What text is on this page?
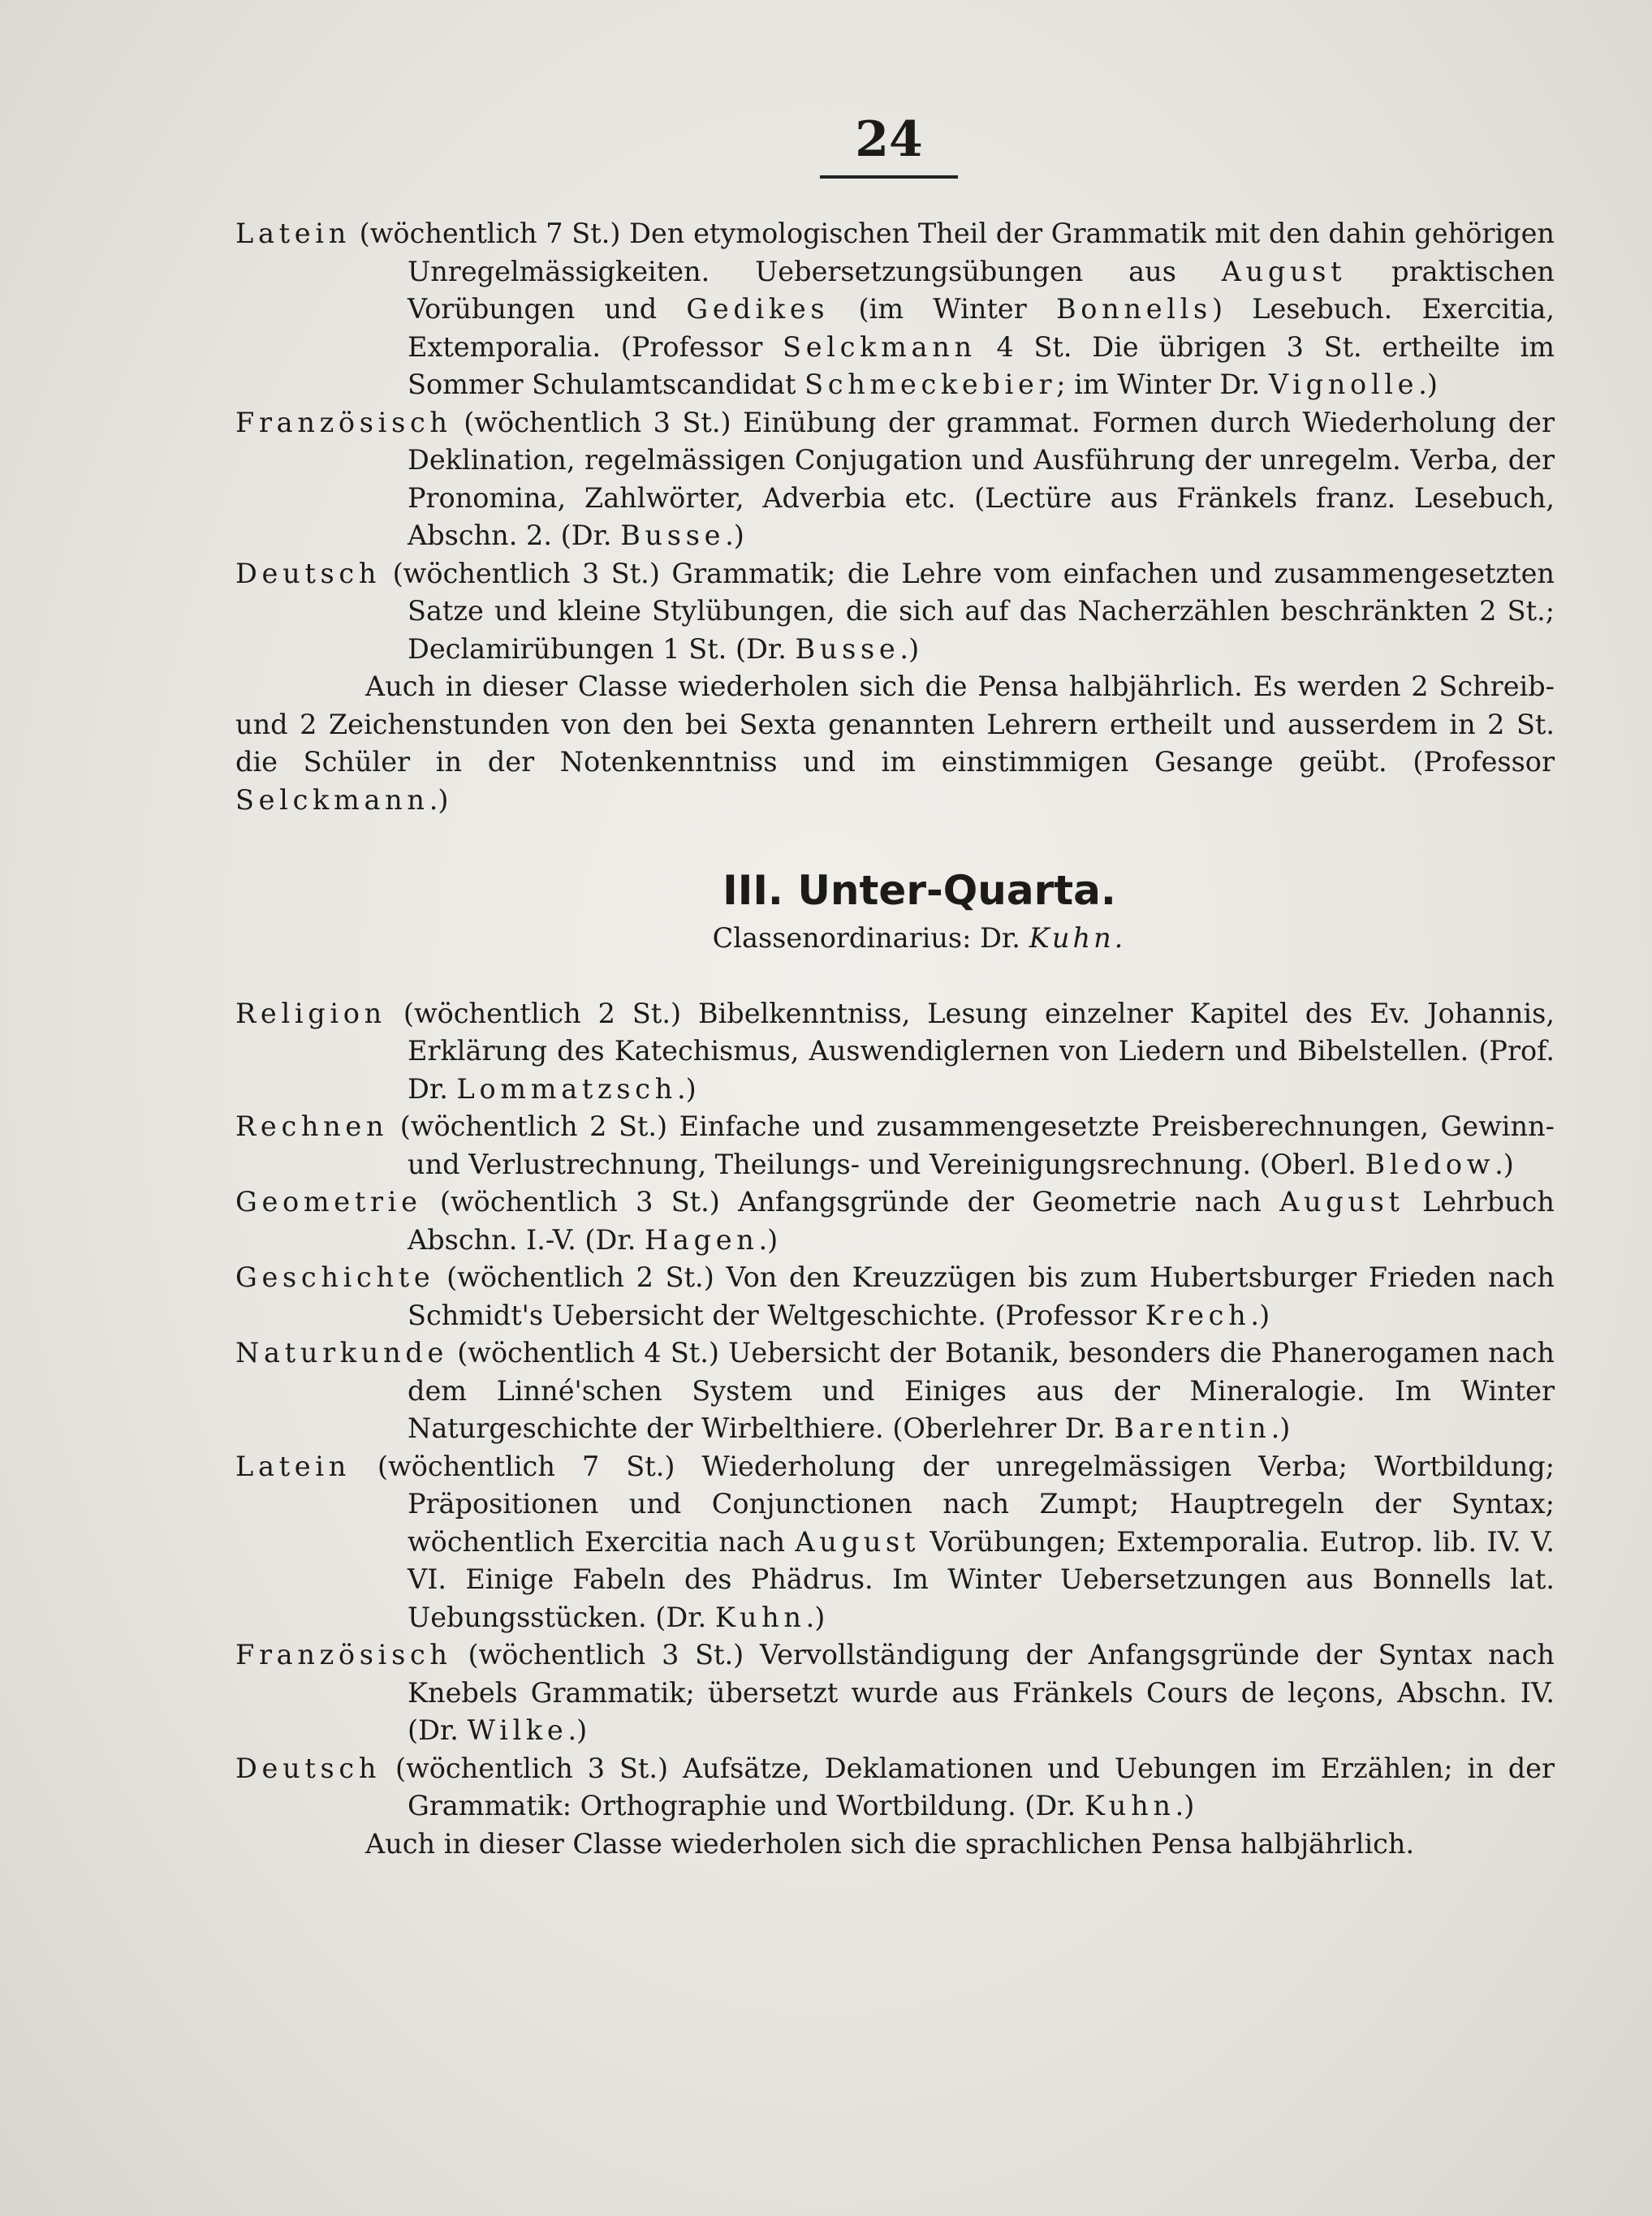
24

Latein (wöchentlich 7 St.) Den etymologischen Theil der Grammatik mit den dahin gehörigen Unregelmässigkeiten. Uebersetzungsübungen aus August praktischen Vorübungen und Gedikes (im Winter Bonnells) Lesebuch. Exercitia, Extemporalia. (Professor Selckmann 4 St. Die übrigen 3 St. ertheilte im Sommer Schulamtscandidat Schmeckebier; im Winter Dr. Vignolle.)

Französisch (wöchentlich 3 St.) Einübung der grammat. Formen durch Wiederholung der Deklination, regelmässigen Conjugation und Ausführung der unregelm. Verba, der Pronomina, Zahlwörter, Adverbia etc. (Lectüre aus Fränkels franz. Lesebuch, Abschn. 2. (Dr. Busse.)

Deutsch (wöchentlich 3 St.) Grammatik; die Lehre vom einfachen und zusammengesetzten Satze und kleine Stylübungen, die sich auf das Nacherzählen beschränkten 2 St.; Declamirübungen 1 St. (Dr. Busse.)

Auch in dieser Classe wiederholen sich die Pensa halbjährlich. Es werden 2 Schreib- und 2 Zeichenstunden von den bei Sexta genannten Lehrern ertheilt und ausserdem in 2 St. die Schüler in der Notenkenntniss und im einstimmigen Gesange geübt. (Professor Selckmann.)

III. Unter-Quarta.
Classenordinarius: Dr. Kuhn.

Religion (wöchentlich 2 St.) Bibelkenntniss, Lesung einzelner Kapitel des Ev. Johannis, Erklärung des Katechismus, Auswendiglernen von Liedern und Bibelstellen. (Prof. Dr. Lommatzsch.)

Rechnen (wöchentlich 2 St.) Einfache und zusammengesetzte Preisberechnungen, Gewinn- und Verlustrechnung, Theilungs- und Vereinigungsrechnung. (Oberl. Bledow.)

Geometrie (wöchentlich 3 St.) Anfangsgründe der Geometrie nach August Lehrbuch Abschn. I.-V. (Dr. Hagen.)

Geschichte (wöchentlich 2 St.) Von den Kreuzzügen bis zum Hubertsburger Frieden nach Schmidt's Uebersicht der Weltgeschichte. (Professor Krech.)

Naturkunde (wöchentlich 4 St.) Uebersicht der Botanik, besonders die Phanerogamen nach dem Linné'schen System und Einiges aus der Mineralogie. Im Winter Naturgeschichte der Wirbelthiere. (Oberlehrer Dr. Barentin.)

Latein (wöchentlich 7 St.) Wiederholung der unregelmässigen Verba; Wortbildung; Präpositionen und Conjunctionen nach Zumpt; Hauptregeln der Syntax; wöchentlich Exercitia nach August Vorübungen; Extemporalia. Eutrop. lib. IV. V. VI. Einige Fabeln des Phädrus. Im Winter Uebersetzungen aus Bonnells lat. Uebungsstücken. (Dr. Kuhn.)

Französisch (wöchentlich 3 St.) Vervollständigung der Anfangsgründe der Syntax nach Knebels Grammatik; übersetzt wurde aus Fränkels Cours de leçons, Abschn. IV. (Dr. Wilke.)

Deutsch (wöchentlich 3 St.) Aufsätze, Deklamationen und Uebungen im Erzählen; in der Grammatik: Orthographie und Wortbildung. (Dr. Kuhn.)

Auch in dieser Classe wiederholen sich die sprachlichen Pensa halbjährlich.
